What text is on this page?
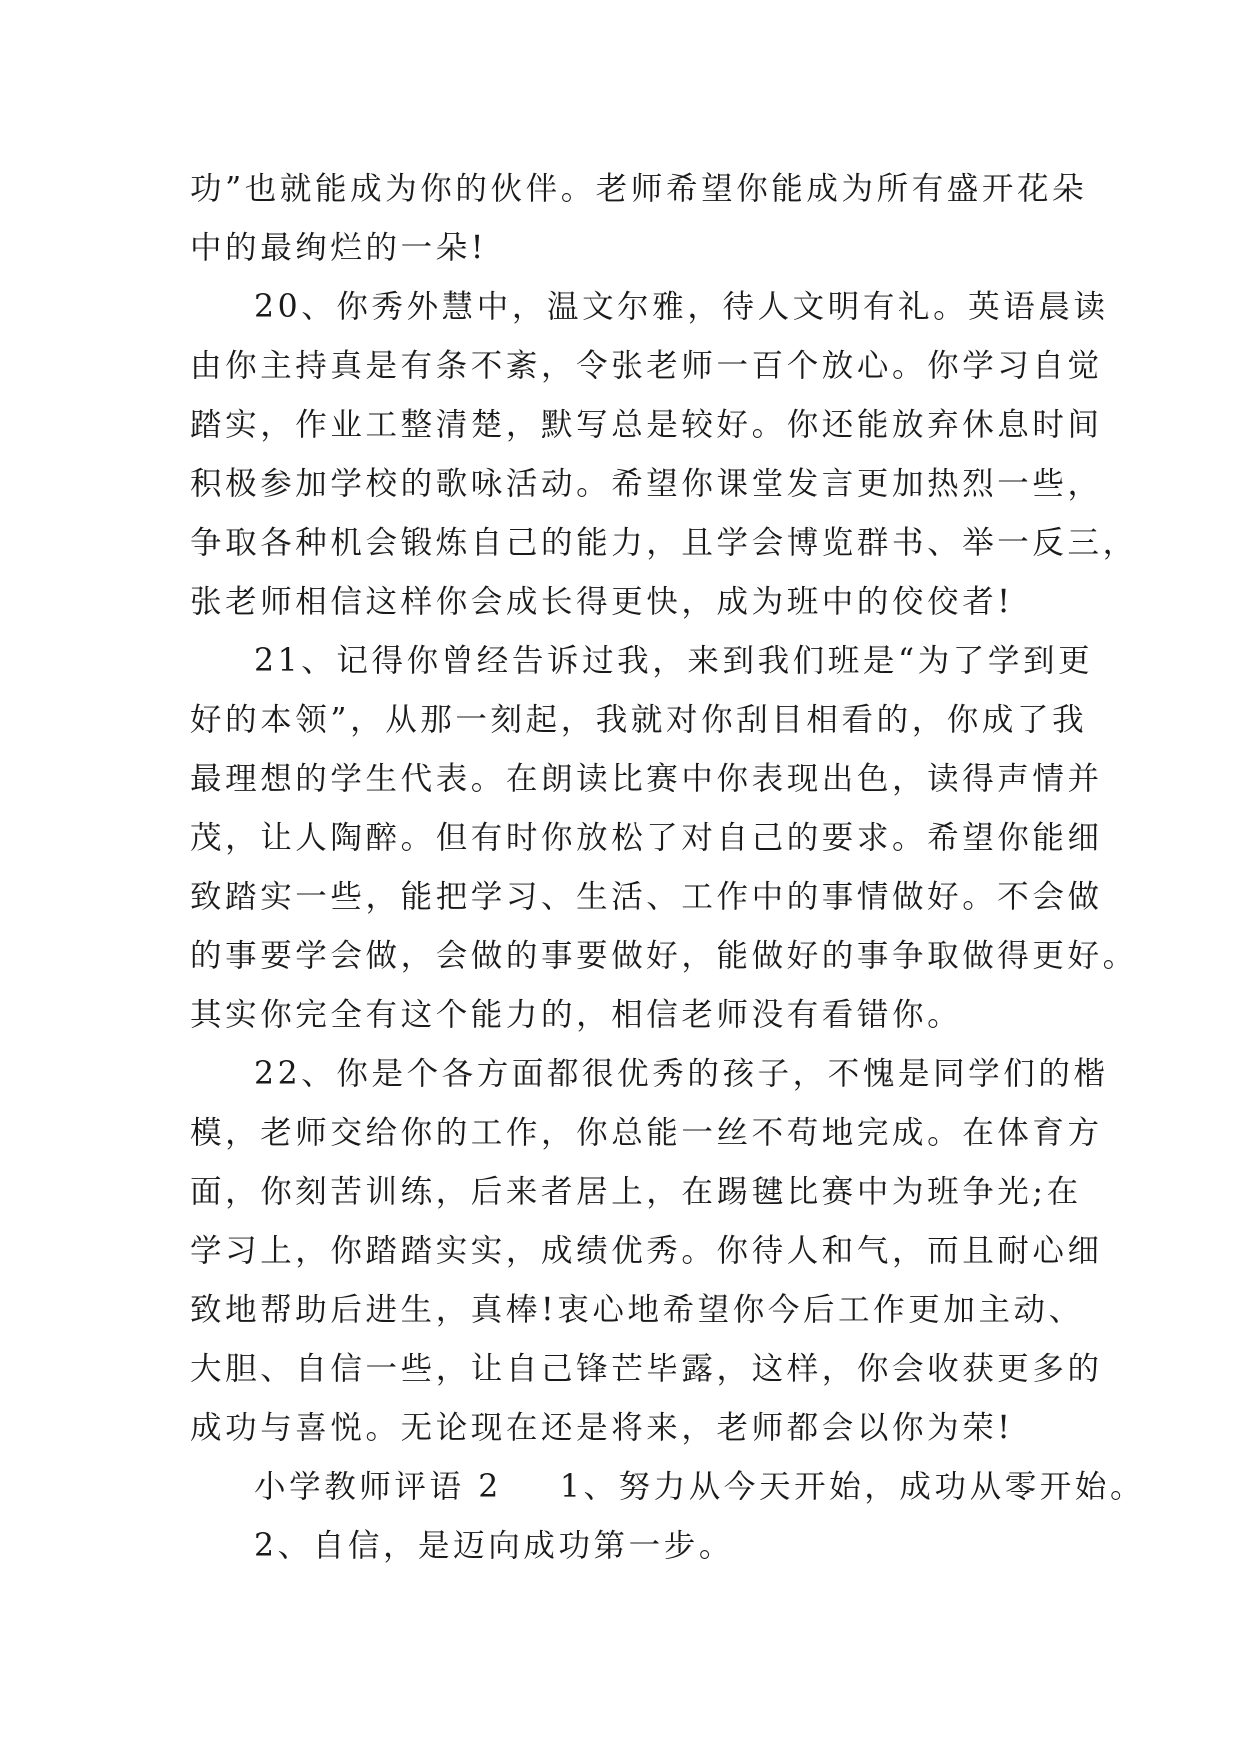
功”也就能成为你的伙伴。老师希望你能成为所有盛开花朵
中的最绚烂的一朵!
20、你秀外慧中，温文尔雅，待人文明有礼。英语晨读
由你主持真是有条不紊，令张老师一百个放心。你学习自觉
踏实，作业工整清楚，默写总是较好。你还能放弃休息时间
积极参加学校的歌咏活动。希望你课堂发言更加热烈一些，
争取各种机会锻炼自己的能力，且学会博览群书、举一反三，
张老师相信这样你会成长得更快，成为班中的佼佼者!
21、记得你曾经告诉过我，来到我们班是“为了学到更
好的本领”，从那一刻起，我就对你刮目相看的，你成了我
最理想的学生代表。在朗读比赛中你表现出色，读得声情并
茂，让人陶醉。但有时你放松了对自己的要求。希望你能细
致踏实一些，能把学习、生活、工作中的事情做好。不会做
的事要学会做，会做的事要做好，能做好的事争取做得更好。
其实你完全有这个能力的，相信老师没有看错你。
22、你是个各方面都很优秀的孩子，不愧是同学们的楷
模，老师交给你的工作，你总能一丝不苟地完成。在体育方
面，你刻苦训练，后来者居上，在踢毽比赛中为班争光;在
学习上，你踏踏实实，成绩优秀。你待人和气，而且耐心细
致地帮助后进生，真棒!衷心地希望你今后工作更加主动、
大胆、自信一些，让自己锋芒毕露，这样，你会收获更多的
成功与喜悦。无论现在还是将来，老师都会以你为荣!
小学教师评语 2 1、努力从今天开始，成功从零开始。
2、自信，是迈向成功第一步。
